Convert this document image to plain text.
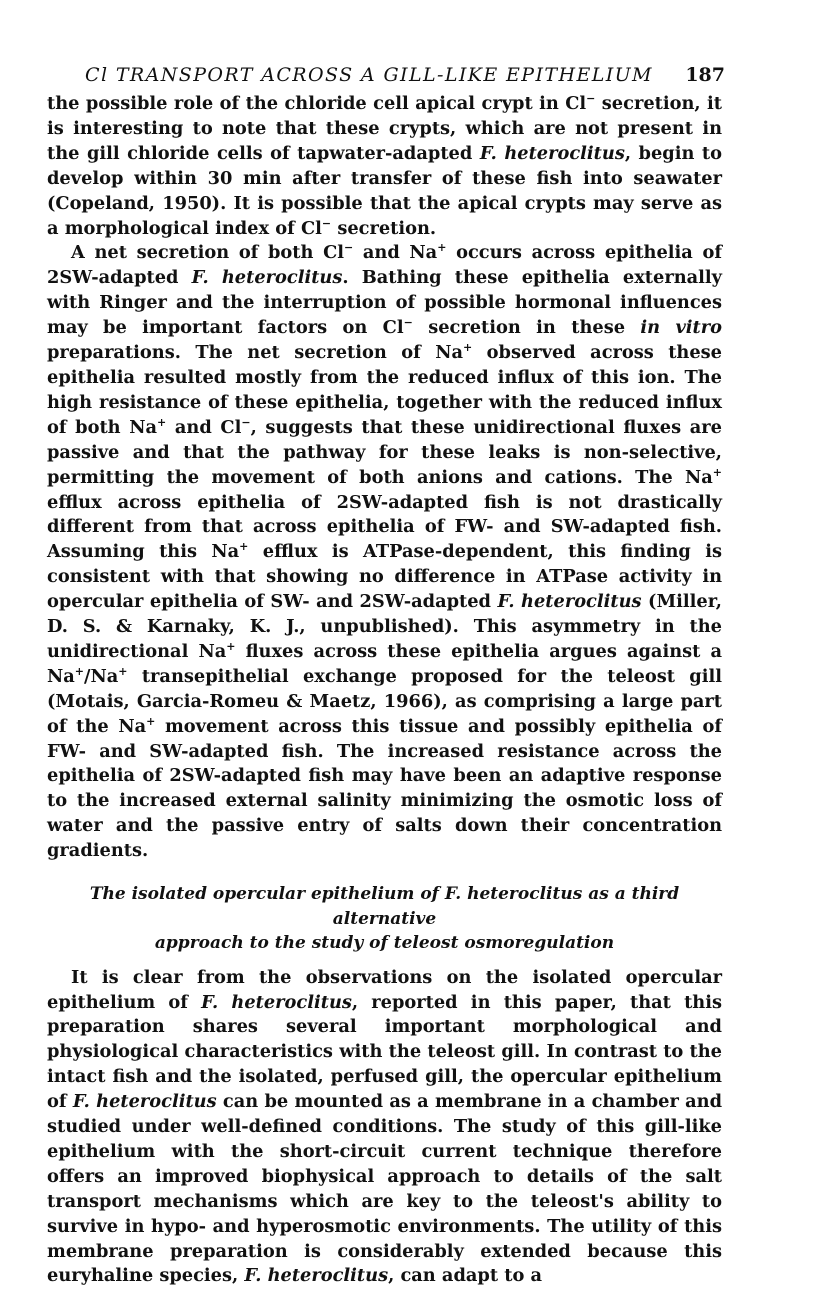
Cl TRANSPORT ACROSS A GILL-LIKE EPITHELIUM 187

the possible role of the chloride cell apical crypt in Cl− secretion, it is interesting to note that these crypts, which are not present in the gill chloride cells of tapwater-adapted F. heteroclitus, begin to develop within 30 min after transfer of these fish into seawater (Copeland, 1950). It is possible that the apical crypts may serve as a morphological index of Cl− secretion.

A net secretion of both Cl− and Na+ occurs across epithelia of 2SW-adapted F. heteroclitus. Bathing these epithelia externally with Ringer and the interruption of possible hormonal influences may be important factors on Cl− secretion in these in vitro preparations. The net secretion of Na+ observed across these epithelia resulted mostly from the reduced influx of this ion. The high resistance of these epithelia, together with the reduced influx of both Na+ and Cl−, suggests that these unidirectional fluxes are passive and that the pathway for these leaks is non-selective, permitting the movement of both anions and cations. The Na+ efflux across epithelia of 2SW-adapted fish is not drastically different from that across epithelia of FW- and SW-adapted fish. Assuming this Na+ efflux is ATPase-dependent, this finding is consistent with that showing no difference in ATPase activity in opercular epithelia of SW- and 2SW-adapted F. heteroclitus (Miller, D. S. & Karnaky, K. J., unpublished). This asymmetry in the unidirectional Na+ fluxes across these epithelia argues against a Na+/Na+ transepithelial exchange proposed for the teleost gill (Motais, Garcia-Romeu & Maetz, 1966), as comprising a large part of the Na+ movement across this tissue and possibly epithelia of FW- and SW-adapted fish. The increased resistance across the epithelia of 2SW-adapted fish may have been an adaptive response to the increased external salinity minimizing the osmotic loss of water and the passive entry of salts down their concentration gradients.

The isolated opercular epithelium of F. heteroclitus as a third alternative
approach to the study of teleost osmoregulation

It is clear from the observations on the isolated opercular epithelium of F. heteroclitus, reported in this paper, that this preparation shares several important morphological and physiological characteristics with the teleost gill. In contrast to the intact fish and the isolated, perfused gill, the opercular epithelium of F. heteroclitus can be mounted as a membrane in a chamber and studied under well-defined conditions. The study of this gill-like epithelium with the short-circuit current technique therefore offers an improved biophysical approach to details of the salt transport mechanisms which are key to the teleost's ability to survive in hypo- and hyperosmotic environments. The utility of this membrane preparation is considerably extended because this euryhaline species, F. heteroclitus, can adapt to a
